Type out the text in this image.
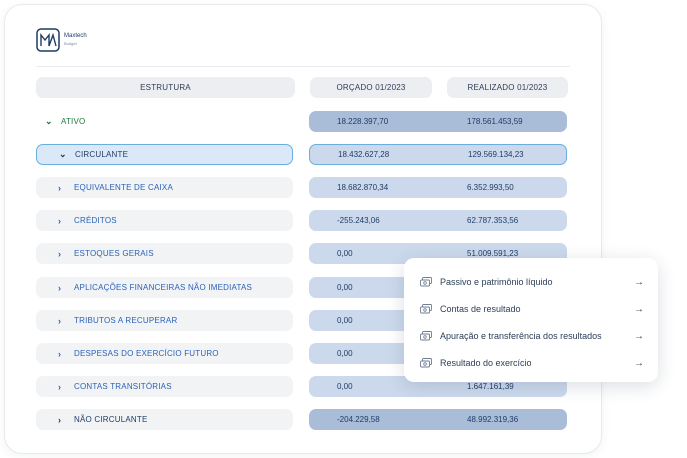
Maxtech
Budget
ESTRUTURA	ORÇADO 01/2023	REALIZADO 01/2023
⌄	ATIVO	18.228.397,70	178.561.453,59
⌄	CIRCULANTE	18.432.627,28	129.569.134,23
›	EQUIVALENTE DE CAIXA	18.682.870,34	6.352.993,50
›	CRÉDITOS	-255.243,06	62.787.353,56
›	ESTOQUES GERAIS	0,00	51.009.591,23
›	APLICAÇÕES FINANCEIRAS NÃO IMEDIATAS	0,00
›	TRIBUTOS A RECUPERAR	0,00
›	DESPESAS DO EXERCÍCIO FUTURO	0,00
›	CONTAS TRANSITÓRIAS	0,00	1.647.161,39
›	NÃO CIRCULANTE	-204.229,58	48.992.319,36
Passivo e patrimônio líquido	→
Contas de resultado	→
Apuração e transferência dos resultados	→
Resultado do exercício	→
